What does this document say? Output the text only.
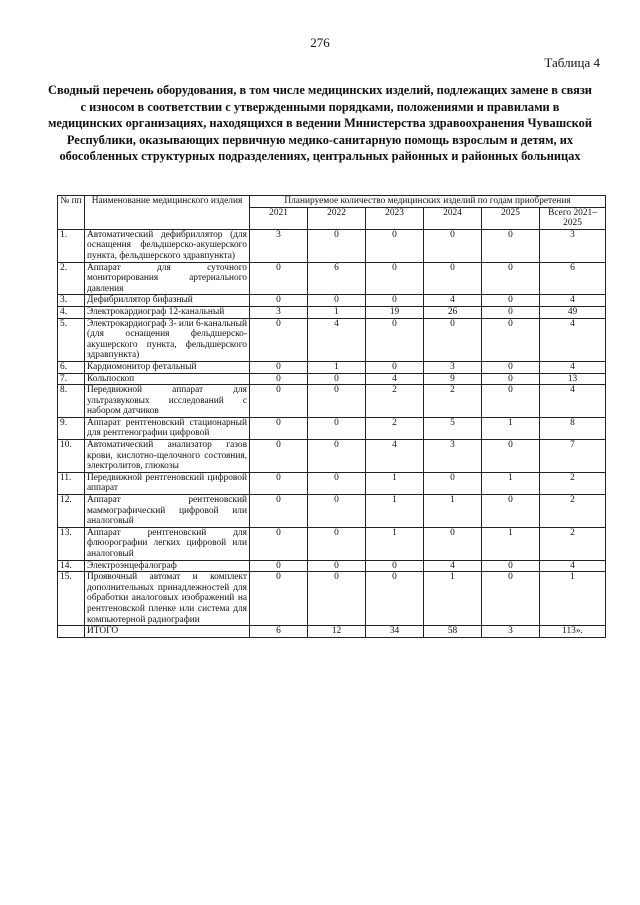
276
Таблица 4

Сводный перечень оборудования, в том числе медицинских изделий, подлежащих замене в связи с износом в соответствии с утвержденными порядками, положениями и правилами в медицинских организациях, находящихся в ведении Министерства здравоохранения Чувашской Республики, оказывающих первичную медико-санитарную помощь взрослым и детям, их обособленных структурных подразделениях, центральных районных и районных больницах

№ пп	Наименование медицинского изделия	Планируемое количество медицинских изделий по годам приобретения					
		2021	2022	2023	2024	2025	Всего 2021–2025
1.	Автоматический дефибриллятор (для оснащения фельдшерско-акушерского пункта, фельдшерского здравпункта)	3	0	0	0	0	3
2.	Аппарат для суточного мониторирования артериального давления	0	6	0	0	0	6
3.	Дефибриллятор бифазный	0	0	0	4	0	4
4.	Электрокардиограф 12-канальный	3	1	19	26	0	49
5.	Электрокардиограф 3- или 6-канальный (для оснащения фельдшерско-акушерского пункта, фельдшерского здравпункта)	0	4	0	0	0	4
6.	Кардиомонитор фетальный	0	1	0	3	0	4
7.	Кольпоскоп	0	0	4	9	0	13
8.	Передвижной аппарат для ультразвуковых исследований с набором датчиков	0	0	2	2	0	4
9.	Аппарат рентгеновский стационарный для рентгенографии цифровой	0	0	2	5	1	8
10.	Автоматический анализатор газов крови, кислотно-щелочного состояния, электролитов, глюкозы	0	0	4	3	0	7
11.	Передвижной рентгеновский цифровой аппарат	0	0	1	0	1	2
12.	Аппарат рентгеновский маммографический цифровой или аналоговый	0	0	1	1	0	2
13.	Аппарат рентгеновский для флюорографии легких цифровой или аналоговый	0	0	1	0	1	2
14.	Электроэнцефалограф	0	0	0	4	0	4
15.	Проявочный автомат и комплект дополнительных принадлежностей для обработки аналоговых изображений на рентгеновской пленке или система для компьютерной радиографии	0	0	0	1	0	1
	ИТОГО	6	12	34	58	3	113».
